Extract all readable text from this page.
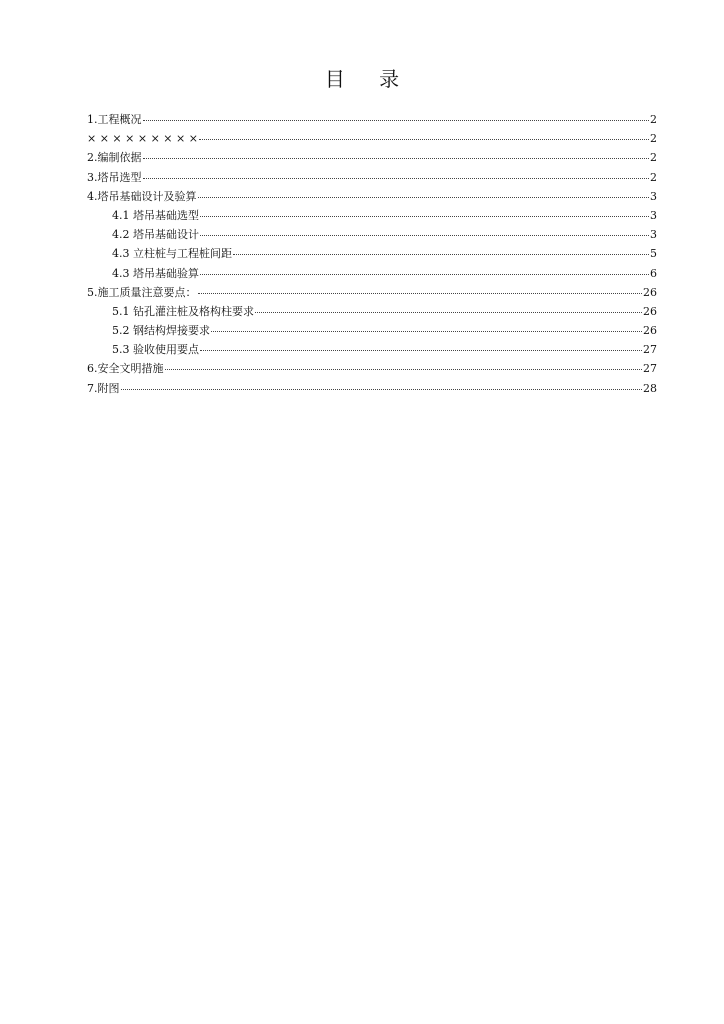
目 录
1.工程概况	2
× × × × × × × × ×	2
2.编制依据	2
3.塔吊选型	2
4.塔吊基础设计及验算	3
4.1 塔吊基础选型	3
4.2 塔吊基础设计	3
4.3 立柱桩与工程桩间距	5
4.3 塔吊基础验算	6
5.施工质量注意要点：	26
5.1 钻孔灌注桩及格构柱要求	26
5.2 钢结构焊接要求	26
5.3 验收使用要点	27
6.安全文明措施	27
7.附图	28
